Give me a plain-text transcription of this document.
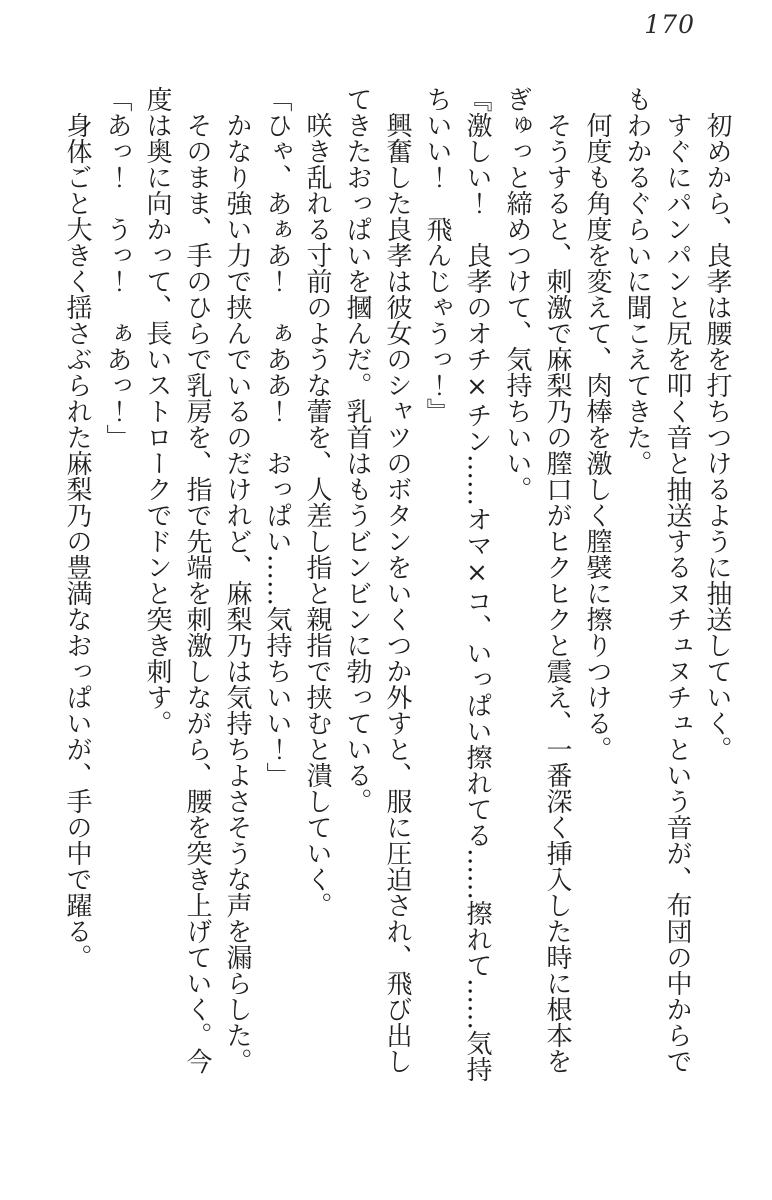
170

　初めから、良孝は腰を打ちつけるように抽送していく。

　すぐにパンパンと尻を叩く音と抽送するヌチュヌチュという音が、布団の中からで

もわかるぐらいに聞こえてきた。

　何度も角度を変えて、肉棒を激しく膣襞に擦りつける。

　そうすると、刺激で麻梨乃の膣口がヒクヒクと震え、一番深く挿入した時に根本を

ぎゅっと締めつけて、気持ちいい。

『激しい！　良孝のオチ×チン……オマ×コ、いっぱい擦れてる……擦れて……気持

ちいい！　飛んじゃうっ！』

　興奮した良孝は彼女のシャツのボタンをいくつか外すと、服に圧迫され、飛び出し

てきたおっぱいを摑んだ。乳首はもうビンビンに勃っている。

　咲き乱れる寸前のような蕾を、人差し指と親指で挟むと潰していく。

「ひゃ、あぁあ！　ぁああ！　おっぱい……気持ちいい！」

　かなり強い力で挟んでいるのだけれど、麻梨乃は気持ちよさそうな声を漏らした。

　そのまま、手のひらで乳房を、指で先端を刺激しながら、腰を突き上げていく。今

度は奥に向かって、長いストロークでドンと突き刺す。

「あっ！　うっ！　ぁあっ！」

　身体ごと大きく揺さぶられた麻梨乃の豊満なおっぱいが、手の中で躍る。
